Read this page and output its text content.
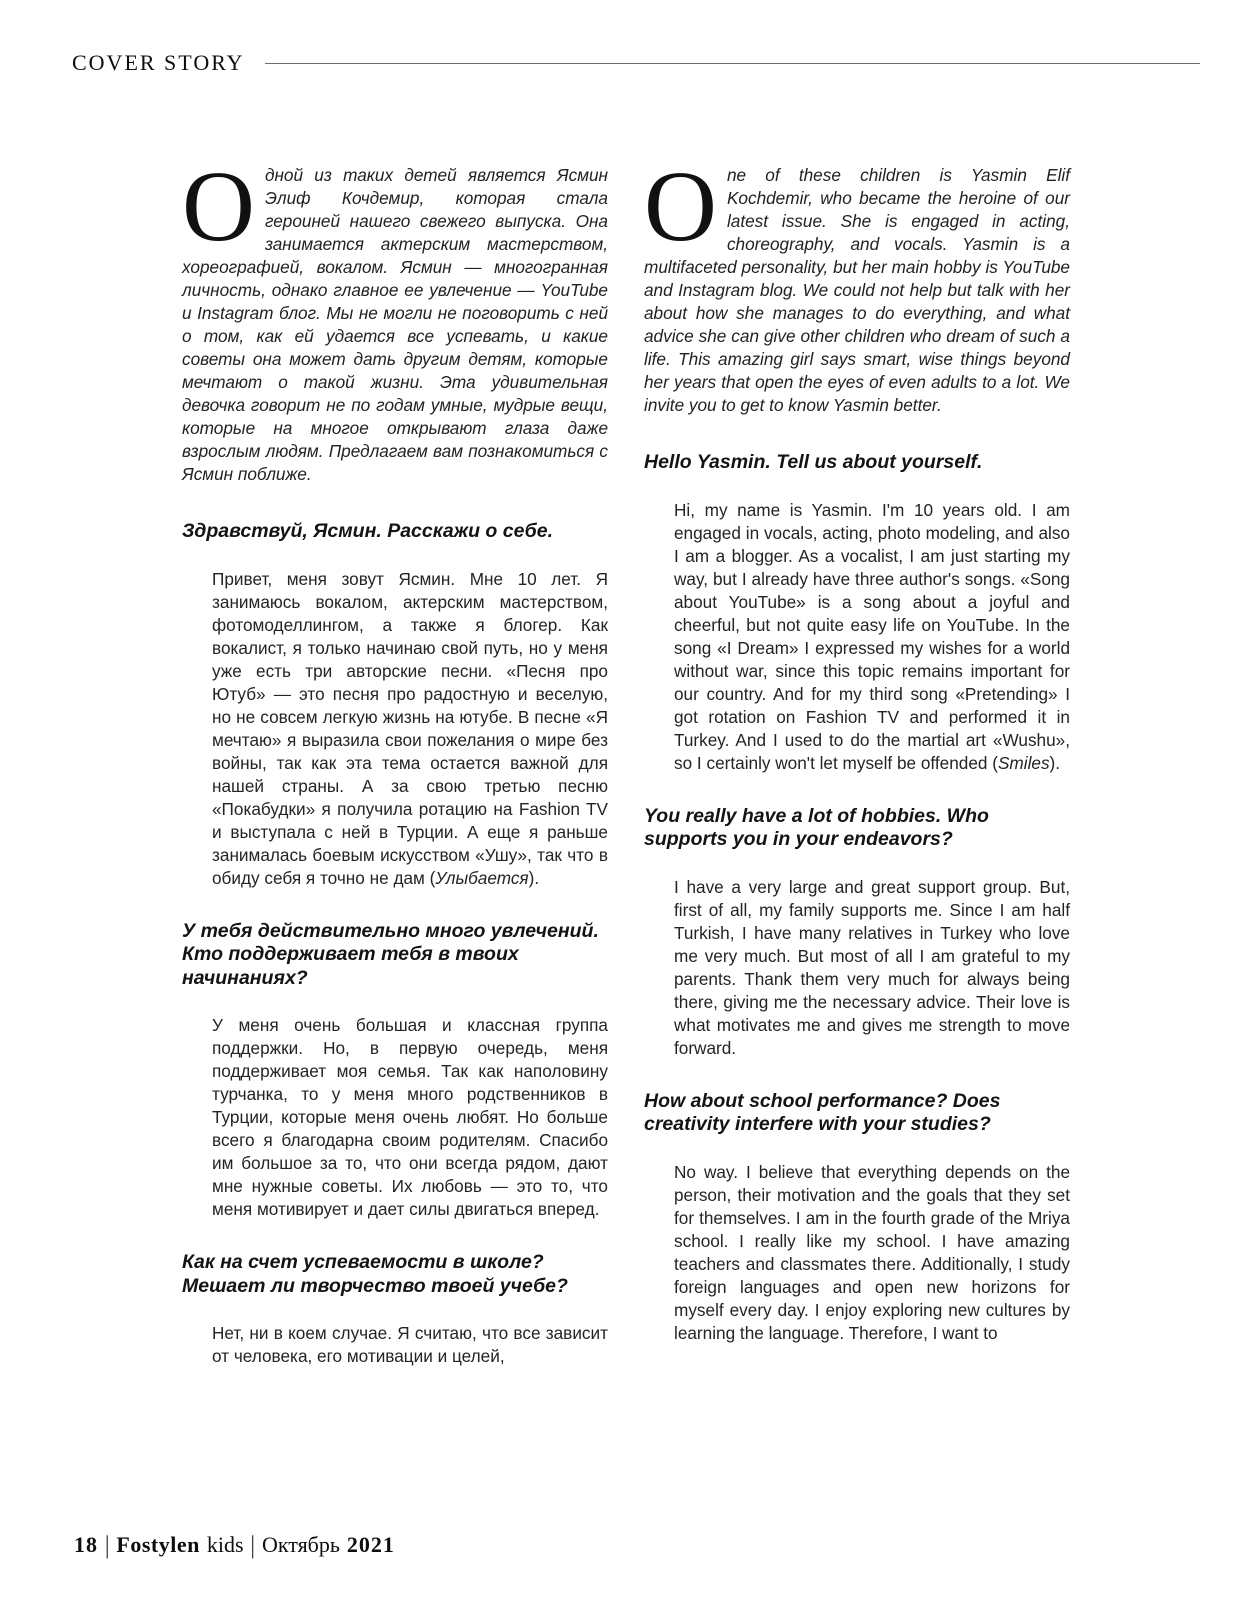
COVER STORY

Одной из таких детей является Ясмин Элиф Кочдемир, которая стала героиней нашего свежего выпуска. Она занимается актерским мастерством, хореографией, вокалом. Ясмин — многогранная личность, однако главное ее увлечение — YouTube и Instagram блог. Мы не могли не поговорить с ней о том, как ей удается все успевать, и какие советы она может дать другим детям, которые мечтают о такой жизни. Эта удивительная девочка говорит не по годам умные, мудрые вещи, которые на многое открывают глаза даже взрослым людям. Предлагаем вам познакомиться с Ясмин поближе.

Здравствуй, Ясмин. Расскажи о себе.

Привет, меня зовут Ясмин. Мне 10 лет. Я занимаюсь вокалом, актерским мастерством, фотомоделлингом, а также я блогер. Как вокалист, я только начинаю свой путь, но у меня уже есть три авторские песни. «Песня про Ютуб» — это песня про радостную и веселую, но не совсем легкую жизнь на ютубе. В песне «Я мечтаю» я выразила свои пожелания о мире без войны, так как эта тема остается важной для нашей страны. А за свою третью песню «Покабудки» я получила ротацию на Fashion TV и выступала с ней в Турции. А еще я раньше занималась боевым искусством «Ушу», так что в обиду себя я точно не дам (Улыбается).

У тебя действительно много увлечений. Кто поддерживает тебя в твоих начинаниях?

У меня очень большая и классная группа поддержки. Но, в первую очередь, меня поддерживает моя семья. Так как наполовину турчанка, то у меня много родственников в Турции, которые меня очень любят. Но больше всего я благодарна своим родителям. Спасибо им большое за то, что они всегда рядом, дают мне нужные советы. Их любовь — это то, что меня мотивирует и дает силы двигаться вперед.

Как на счет успеваемости в школе? Мешает ли творчество твоей учебе?

Нет, ни в коем случае. Я считаю, что все зависит от человека, его мотивации и целей,

One of these children is Yasmin Elif Kochdemir, who became the heroine of our latest issue. She is engaged in acting, choreography, and vocals. Yasmin is a multifaceted personality, but her main hobby is YouTube and Instagram blog. We could not help but talk with her about how she manages to do everything, and what advice she can give other children who dream of such a life. This amazing girl says smart, wise things beyond her years that open the eyes of even adults to a lot. We invite you to get to know Yasmin better.

Hello Yasmin. Tell us about yourself.

Hi, my name is Yasmin. I'm 10 years old. I am engaged in vocals, acting, photo modeling, and also I am a blogger. As a vocalist, I am just starting my way, but I already have three author's songs. «Song about YouTube» is a song about a joyful and cheerful, but not quite easy life on YouTube. In the song «I Dream» I expressed my wishes for a world without war, since this topic remains important for our country. And for my third song «Pretending» I got rotation on Fashion TV and performed it in Turkey. And I used to do the martial art «Wushu», so I certainly won't let myself be offended (Smiles).

You really have a lot of hobbies. Who supports you in your endeavors?

I have a very large and great support group. But, first of all, my family supports me. Since I am half Turkish, I have many relatives in Turkey who love me very much. But most of all I am grateful to my parents. Thank them very much for always being there, giving me the necessary advice. Their love is what motivates me and gives me strength to move forward.

How about school performance? Does creativity interfere with your studies?

No way. I believe that everything depends on the person, their motivation and the goals that they set for themselves. I am in the fourth grade of the Mriya school. I really like my school. I have amazing teachers and classmates there. Additionally, I study foreign languages and open new horizons for myself every day. I enjoy exploring new cultures by learning the language. Therefore, I want to

18 | Fostylen kids | Октябрь 2021
